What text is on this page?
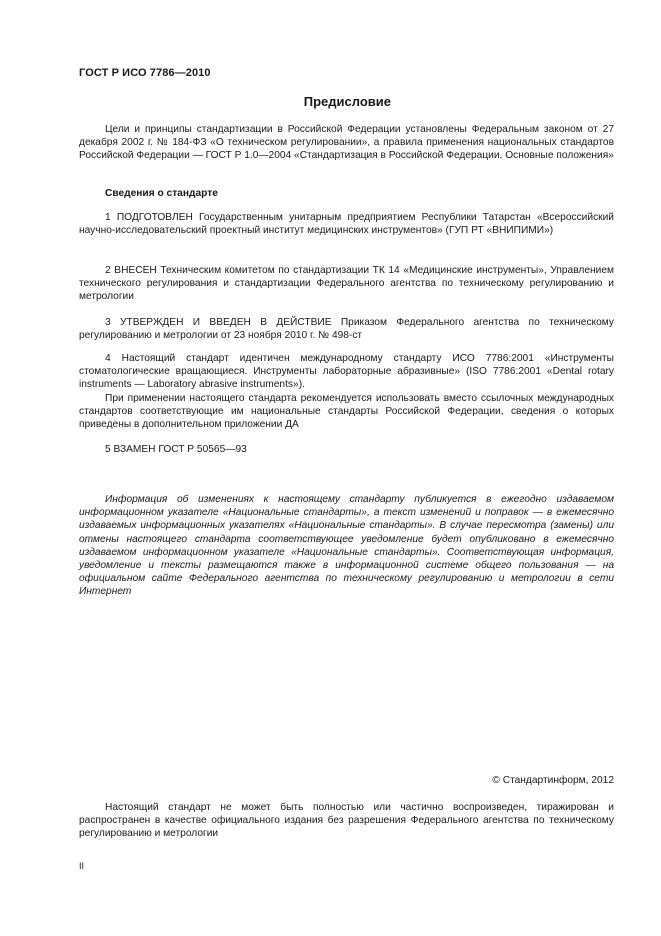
ГОСТ Р ИСО 7786—2010
Предисловие

Цели и принципы стандартизации в Российской Федерации установлены Федеральным законом от 27 декабря 2002 г. № 184-ФЗ «О техническом регулировании», а правила применения национальных стандартов Российской Федерации — ГОСТ Р 1.0—2004 «Стандартизация в Российской Федерации. Основные положения»

Сведения о стандарте

1 ПОДГОТОВЛЕН Государственным унитарным предприятием Республики Татарстан «Всероссийский научно-исследовательский проектный институт медицинских инструментов» (ГУП РТ «ВНИПИМИ»)

2 ВНЕСЕН Техническим комитетом по стандартизации ТК 14 «Медицинские инструменты», Управлением технического регулирования и стандартизации Федерального агентства по техническому регулированию и метрологии

3 УТВЕРЖДЕН И ВВЕДЕН В ДЕЙСТВИЕ Приказом Федерального агентства по техническому регулированию и метрологии от 23 ноября 2010 г. № 498-ст

4 Настоящий стандарт идентичен международному стандарту ИСО 7786:2001 «Инструменты стоматологические вращающиеся. Инструменты лабораторные абразивные» (ISO 7786:2001 «Dental rotary instruments — Laboratory abrasive instruments»).

При применении настоящего стандарта рекомендуется использовать вместо ссылочных международных стандартов соответствующие им национальные стандарты Российской Федерации, сведения о которых приведены в дополнительном приложении ДА

5 ВЗАМЕН ГОСТ Р 50565—93

Информация об изменениях к настоящему стандарту публикуется в ежегодно издаваемом информационном указателе «Национальные стандарты», а текст изменений и поправок — в ежемесячно издаваемых информационных указателях «Национальные стандарты». В случае пересмотра (замены) или отмены настоящего стандарта соответствующее уведомление будет опубликовано в ежемесячно издаваемом информационном указателе «Национальные стандарты». Соответствующая информация, уведомление и тексты размещаются также в информационной системе общего пользования — на официальном сайте Федерального агентства по техническому регулированию и метрологии в сети Интернет

© Стандартинформ, 2012

Настоящий стандарт не может быть полностью или частично воспроизведен, тиражирован и распространен в качестве официального издания без разрешения Федерального агентства по техническому регулированию и метрологии

II
